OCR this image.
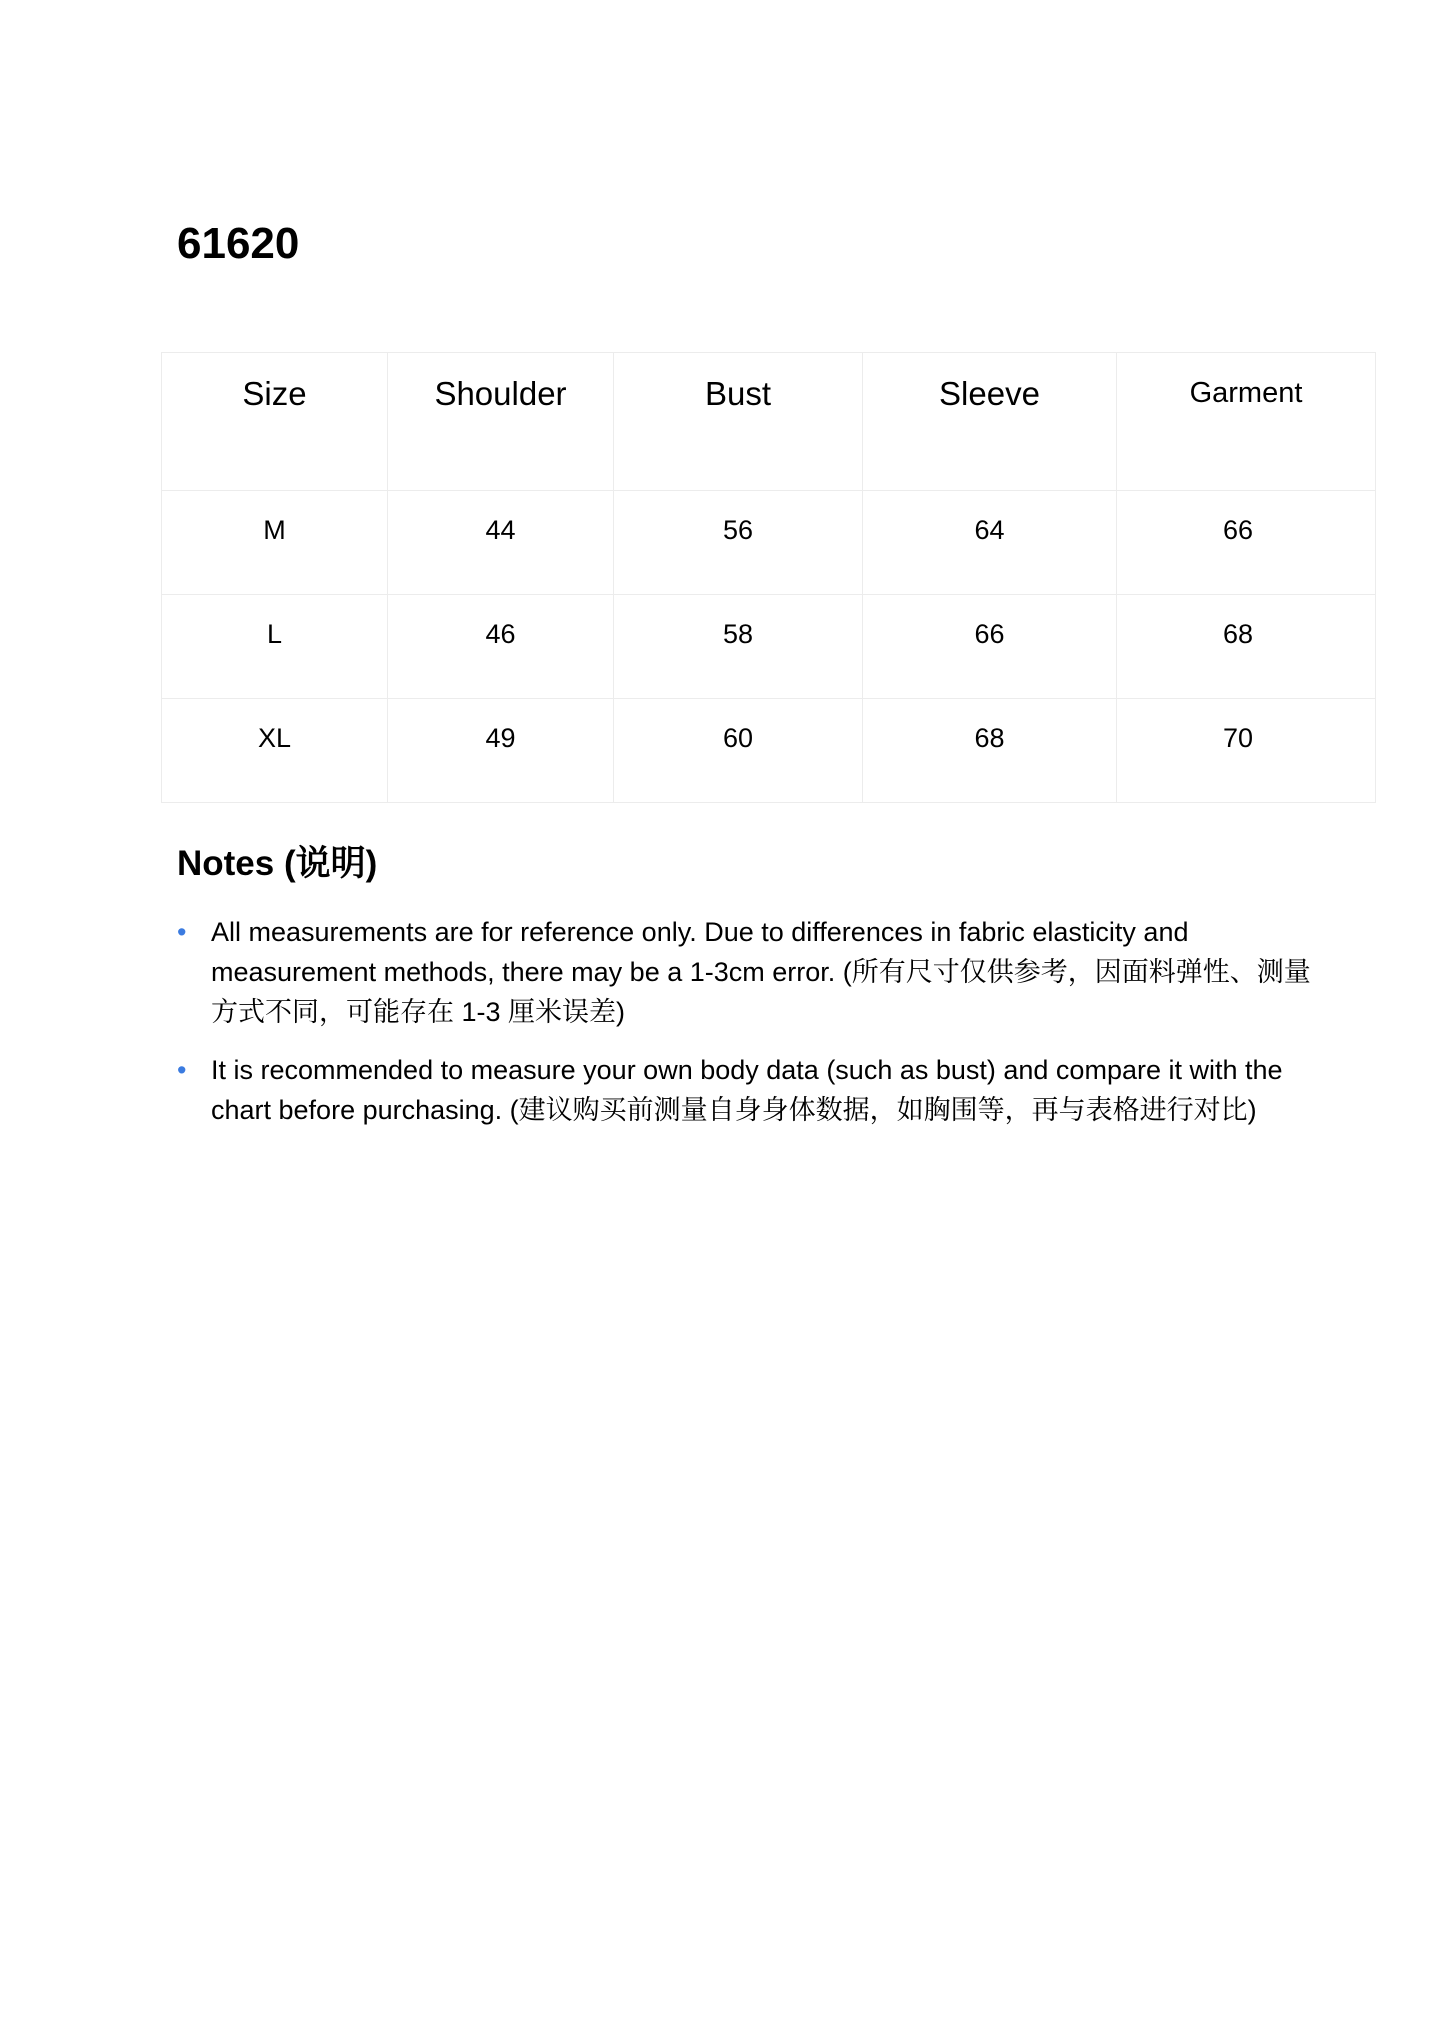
61620
Size	Shoulder	Bust	Sleeve	Garment
M	44	56	64	66
L	46	58	66	68
XL	49	60	68	70
Notes (说明)
• All measurements are for reference only. Due to differences in fabric elasticity and measurement methods, there may be a 1-3cm error. (所有尺寸仅供参考，因面料弹性、测量方式不同，可能存在 1-3 厘米误差)
• It is recommended to measure your own body data (such as bust) and compare it with the chart before purchasing. (建议购买前测量自身身体数据，如胸围等，再与表格进行对比)
